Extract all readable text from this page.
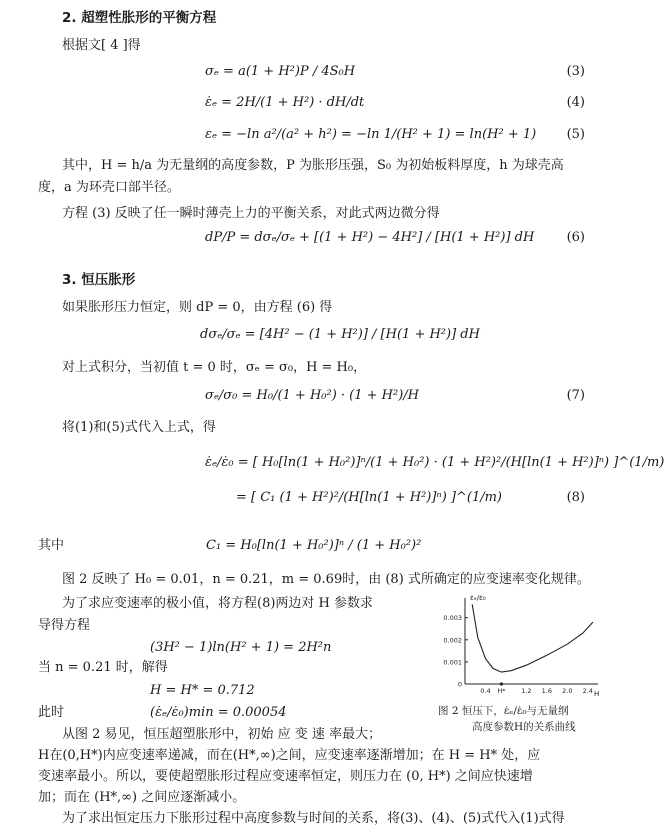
2. 超塑性胀形的平衡方程
根据文[ 4 ]得
σₑ = a(1 + H²)P / 4S₀H	(3)
ε̇ₑ = 2H/(1 + H²) · dH/dt	(4)
εₑ = −ln a²/(a² + h²) = −ln 1/(H² + 1) = ln(H² + 1) (5)
其中，H = h/a 为无量纲的高度参数，P 为胀形压强，S₀ 为初始板料厚度，h 为球壳高
度，a 为环壳口部半径。
方程 (3) 反映了任一瞬时薄壳上力的平衡关系，对此式两边微分得
dP/P = dσₑ/σₑ + [(1 + H²) − 4H²] / [H(1 + H²)] dH (6)
3. 恒压胀形
如果胀形压力恒定，则 dP = 0，由方程 (6) 得
dσₑ/σₑ = [4H² − (1 + H²)] / [H(1 + H²)] dH
对上式积分，当初值 t = 0 时，σₑ = σ₀，H = H₀，
σₑ/σ₀ = H₀/(1 + H₀²) · (1 + H²)/H	(7)
将(1)和(5)式代入上式，得
ε̇ₑ/ε̇₀ = [ H₀[ln(1 + H₀²)]ⁿ/(1 + H₀²) · (1 + H²)²/(H[ln(1 + H²)]ⁿ) ]^(1/m)
= [ C₁ (1 + H²)²/(H[ln(1 + H²)]ⁿ) ]^(1/m)	(8)
其中	C₁ = H₀[ln(1 + H₀²)]ⁿ / (1 + H₀²)²
图 2 反映了 H₀ = 0.01，n = 0.21，m = 0.69时，由 (8) 式所确定的应变速率变化规律。
为了求应变速率的极小值，将方程(8)两边对 H 参数求
导得方程
(3H² − 1)ln(H² + 1) = 2H²n
当 n = 0.21 时，解得
H = H* = 0.712
此时	(ε̇ₑ/ε̇₀)min = 0.00054
从图 2 易见，恒压超塑胀形中，初始 应 变 速 率最大；
H在(0,H*)内应变速率递减，而在(H*,∞)之间，应变速率逐渐增加；在 H = H* 处，应
变速率最小。所以，要使超塑胀形过程应变速率恒定，则压力在 (0, H*) 之间应快速增
加；而在 (H*,∞) 之间应逐渐减小。
为了求出恒定压力下胀形过程中高度参数与时间的关系，将(3)、(4)、(5)式代入(1)式得
ε̇ₑ/ε̇₀
H
0.003
0.002
0.001
0
0.4 H* 1.2 1.6 2.0 2.4
图 2 恒压下，ε̇ₑ/ε̇₀与无量纲
高度参数H的关系曲线
